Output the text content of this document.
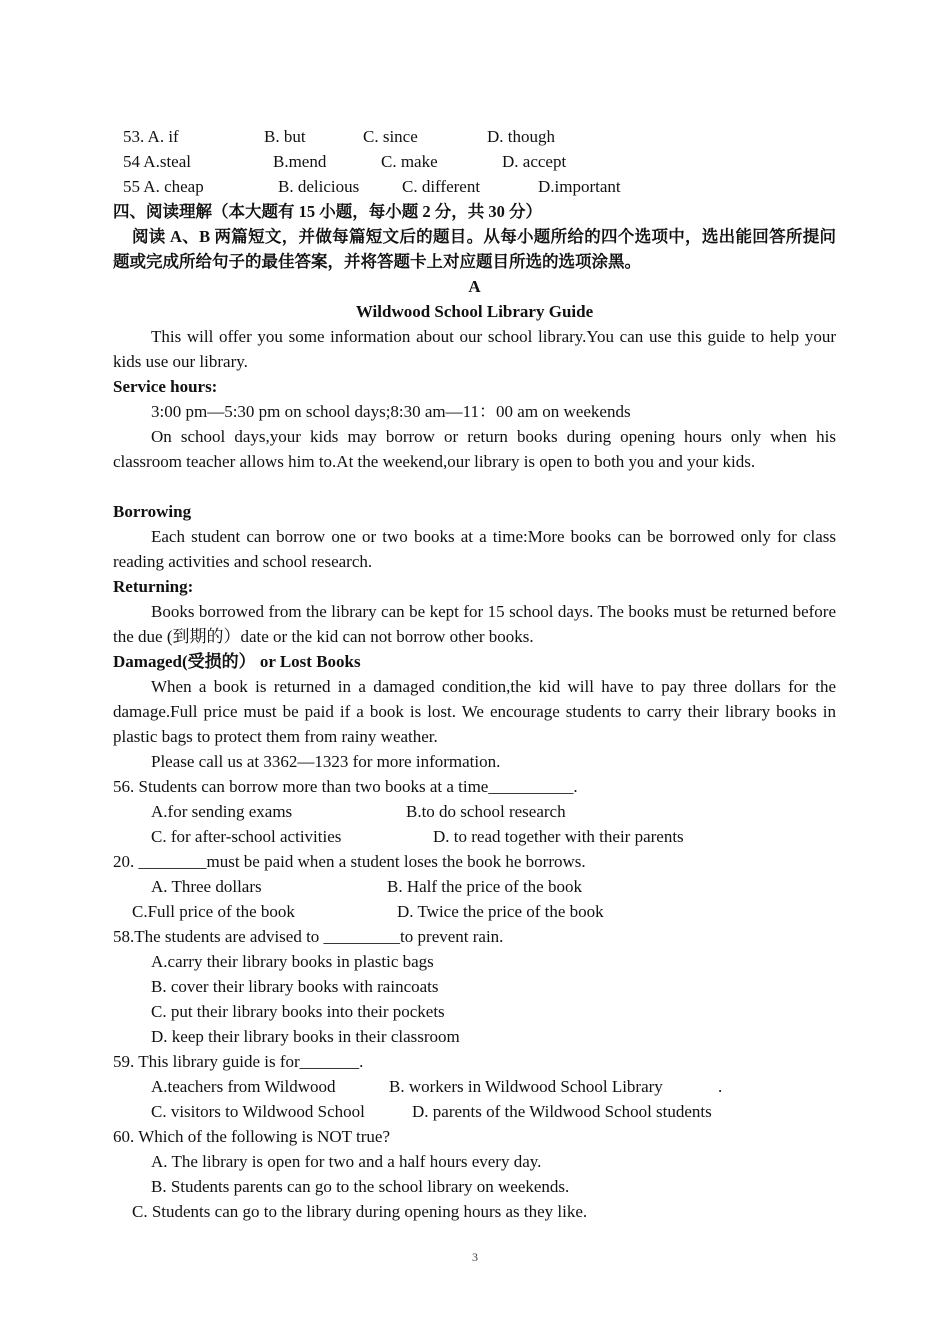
53. A. if	B. but	C. since	D. though
54 A.steal	B.mend	C. make	D. accept
55 A. cheap	B. delicious	C. different	D.important
四、阅读理解（本大题有 15 小题，每小题 2 分，共 30 分）
阅读 A、B 两篇短文，并做每篇短文后的题目。从每小题所给的四个选项中，选出能回答所提问题或完成所给句子的最佳答案，并将答题卡上对应题目所选的选项涂黑。
A
Wildwood School Library Guide
This will offer you some information about our school library.You can use this guide to help your kids use our library.
Service hours:
3:00 pm—5:30 pm on school days;8:30 am—11：00 am on weekends
On school days,your kids may borrow or return books during opening hours only when his classroom teacher allows him to.At the weekend,our library is open to both you and your kids.
Borrowing
Each student can borrow one or two books at a time:More books can be borrowed only for class reading activities and school research.
Returning:
Books borrowed from the library can be kept for 15 school days. The books must be returned before the due (到期的）date or the kid can not borrow other books.
Damaged(受损的） or Lost Books
When a book is returned in a damaged condition,the kid will have to pay three dollars for the damage.Full price must be paid if a book is lost. We encourage students to carry their library books in plastic bags to protect them from rainy weather.
Please call us at 3362—1323 for more information.
56. Students can borrow more than two books at a time__________.
A.for sending exams	B.to do school research
C. for after-school activities	D. to read together with their parents
20. ________must be paid when a student loses the book he borrows.
A. Three dollars	B. Half the price of the book
C.Full price of the book	D. Twice the price of the book
58.The students are advised to _________to prevent rain.
A.carry their library books in plastic bags
B. cover their library books with raincoats
C. put their library books into their pockets
D. keep their library books in their classroom
59. This library guide is for_______.
A.teachers from Wildwood	B. workers in Wildwood School Library	.
C. visitors to Wildwood School	D. parents of the Wildwood School students
60. Which of the following is NOT true?
A. The library is open for two and a half hours every day.
B. Students parents can go to the school library on weekends.
C. Students can go to the library during opening hours as they like.
3
